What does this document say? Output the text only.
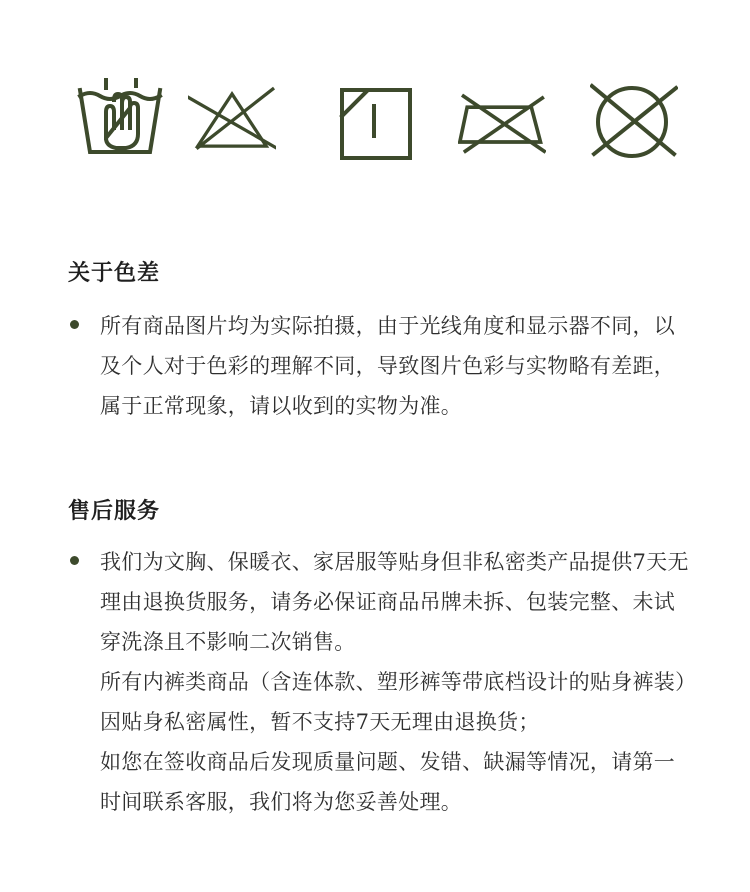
关于色差

所有商品图片均为实际拍摄，由于光线角度和显示器不同，以及个人对于色彩的理解不同，导致图片色彩与实物略有差距，属于正常现象，请以收到的实物为准。

售后服务

我们为文胸、保暖衣、家居服等贴身但非私密类产品提供7天无理由退换货服务，请务必保证商品吊牌未拆、包装完整、未试穿洗涤且不影响二次销售。

所有内裤类商品（含连体款、塑形裤等带底档设计的贴身裤装）因贴身私密属性，暂不支持7天无理由退换货；

如您在签收商品后发现质量问题、发错、缺漏等情况，请第一时间联系客服，我们将为您妥善处理。
